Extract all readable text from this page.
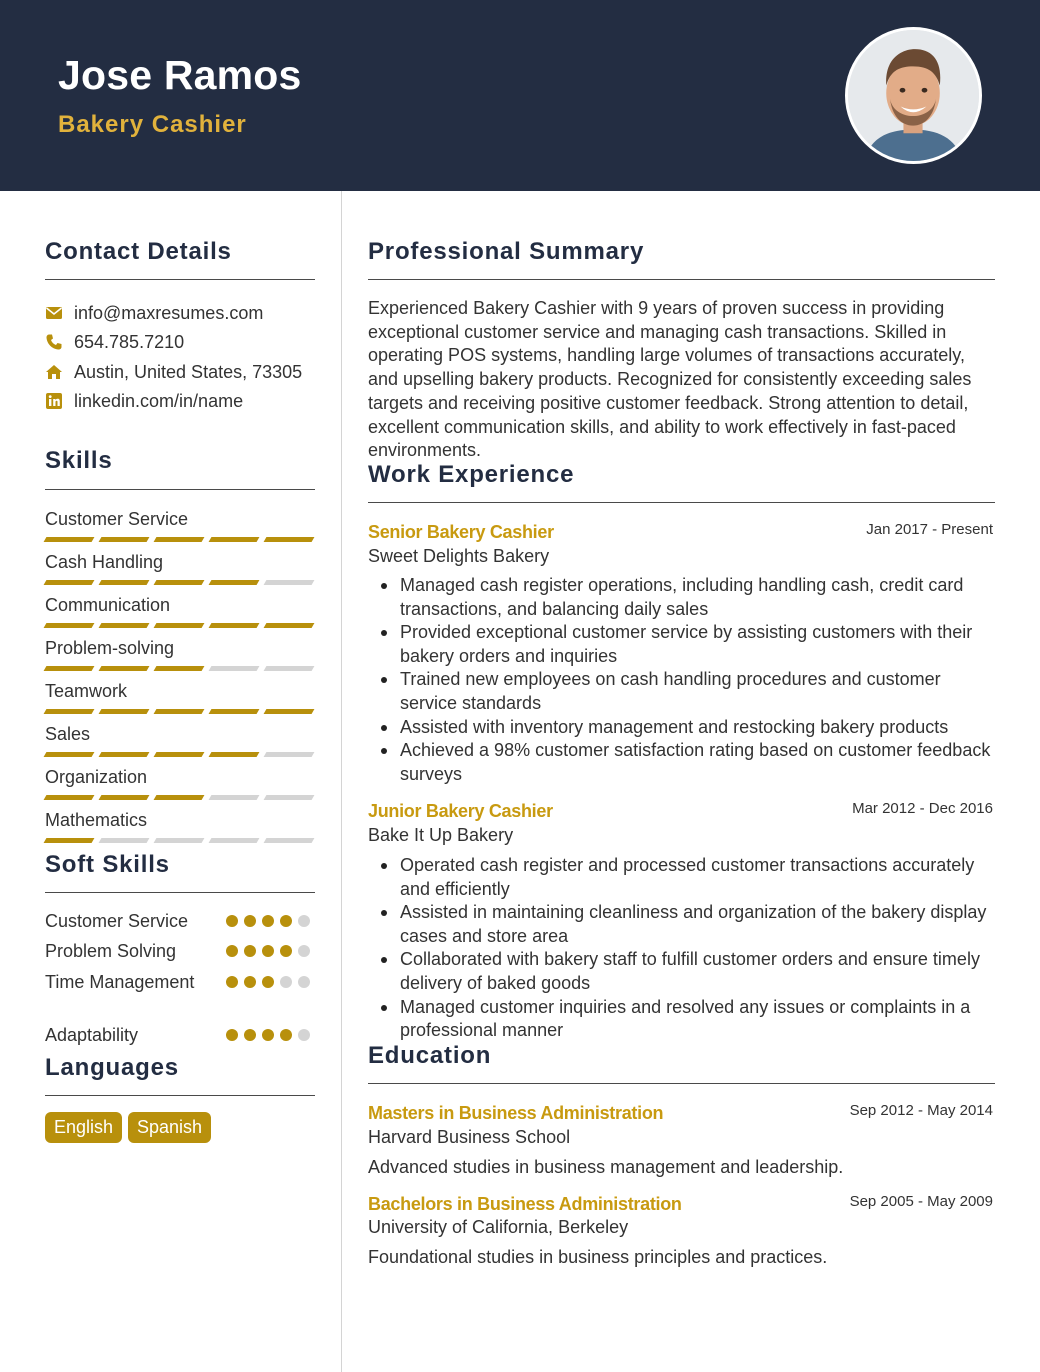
Jose Ramos
Bakery Cashier
Contact Details
info@maxresumes.com
654.785.7210
Austin, United States, 73305
linkedin.com/in/name
Skills
Customer Service
Cash Handling
Communication
Problem-solving
Teamwork
Sales
Organization
Mathematics
Soft Skills
Customer Service
Problem Solving
Time Management
Adaptability
Languages
English	Spanish
Professional Summary
Experienced Bakery Cashier with 9 years of proven success in providing exceptional customer service and managing cash transactions. Skilled in operating POS systems, handling large volumes of transactions accurately, and upselling bakery products. Recognized for consistently exceeding sales targets and receiving positive customer feedback. Strong attention to detail, excellent communication skills, and ability to work effectively in fast-paced environments.
Work Experience
Senior Bakery Cashier	Jan 2017 - Present
Sweet Delights Bakery
Managed cash register operations, including handling cash, credit card transactions, and balancing daily sales
Provided exceptional customer service by assisting customers with their bakery orders and inquiries
Trained new employees on cash handling procedures and customer service standards
Assisted with inventory management and restocking bakery products
Achieved a 98% customer satisfaction rating based on customer feedback surveys
Junior Bakery Cashier	Mar 2012 - Dec 2016
Bake It Up Bakery
Operated cash register and processed customer transactions accurately and efficiently
Assisted in maintaining cleanliness and organization of the bakery display cases and store area
Collaborated with bakery staff to fulfill customer orders and ensure timely delivery of baked goods
Managed customer inquiries and resolved any issues or complaints in a professional manner
Education
Masters in Business Administration	Sep 2012 - May 2014
Harvard Business School
Advanced studies in business management and leadership.
Bachelors in Business Administration	Sep 2005 - May 2009
University of California, Berkeley
Foundational studies in business principles and practices.
